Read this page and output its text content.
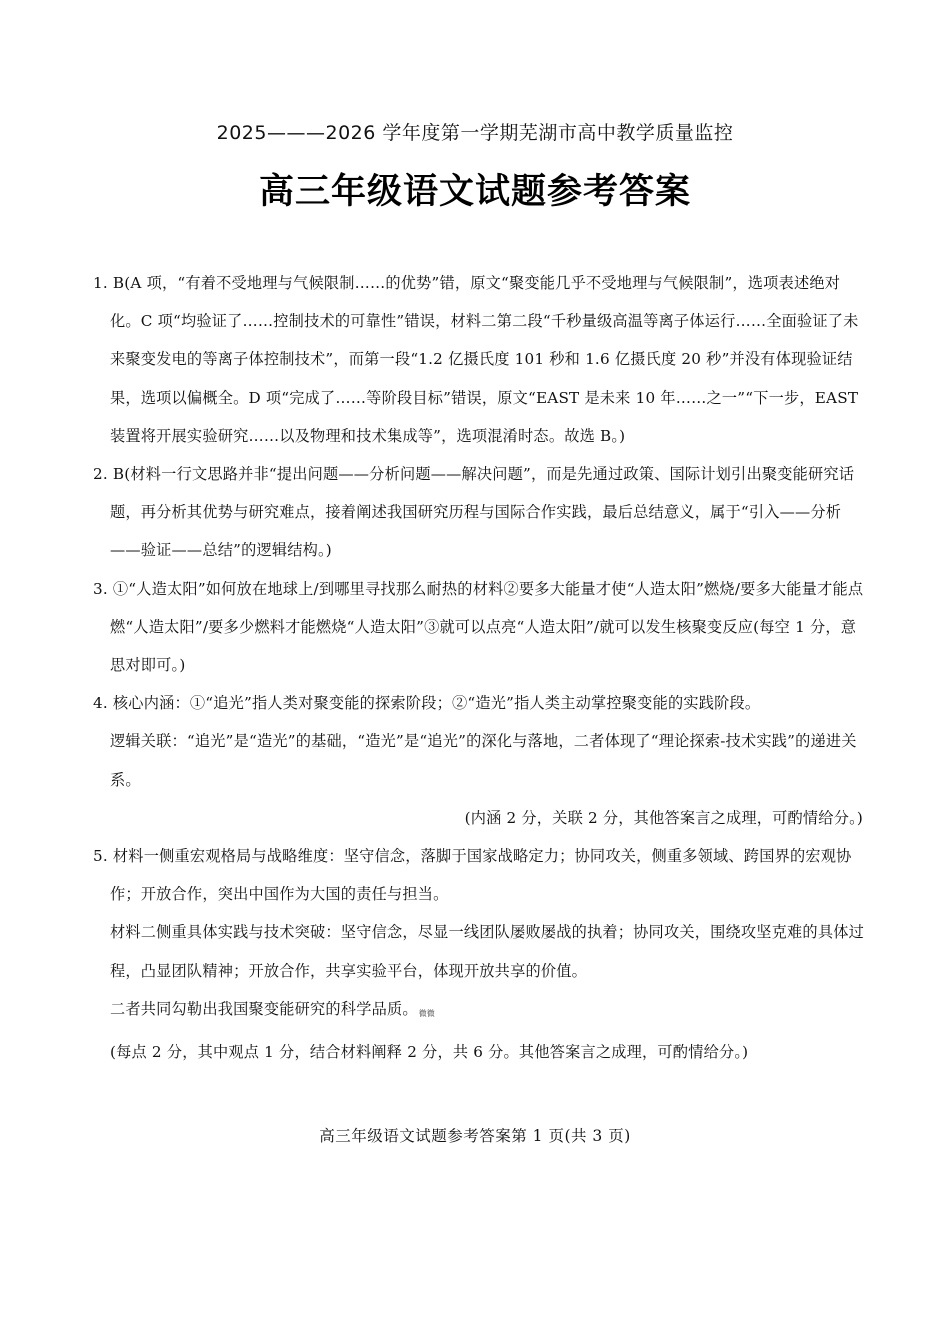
2025———2026 学年度第一学期芜湖市高中教学质量监控
高三年级语文试题参考答案

1. B(A 项，“有着不受地理与气候限制……的优势”错，原文“聚变能几乎不受地理与气候限制”，选项表述绝对化。C 项“均验证了……控制技术的可靠性”错误，材料二第二段“千秒量级高温等离子体运行……全面验证了未来聚变发电的等离子体控制技术”，而第一段“1.2 亿摄氏度 101 秒和 1.6 亿摄氏度 20 秒”并没有体现验证结果，选项以偏概全。D 项“完成了……等阶段目标”错误，原文“EAST 是未来 10 年……之一”“下一步，EAST 装置将开展实验研究……以及物理和技术集成等”，选项混淆时态。故选 B。)

2. B(材料一行文思路并非“提出问题——分析问题——解决问题”，而是先通过政策、国际计划引出聚变能研究话题，再分析其优势与研究难点，接着阐述我国研究历程与国际合作实践，最后总结意义，属于“引入——分析——验证——总结”的逻辑结构。)

3. ①“人造太阳”如何放在地球上/到哪里寻找那么耐热的材料②要多大能量才使“人造太阳”燃烧/要多大能量才能点燃“人造太阳”/要多少燃料才能燃烧“人造太阳”③就可以点亮“人造太阳”/就可以发生核聚变反应(每空 1 分，意思对即可。)

4. 核心内涵：①“追光”指人类对聚变能的探索阶段；②“造光”指人类主动掌控聚变能的实践阶段。

逻辑关联：“追光”是“造光”的基础，“造光”是“追光”的深化与落地，二者体现了“理论探索-技术实践”的递进关系。

(内涵 2 分，关联 2 分，其他答案言之成理，可酌情给分。)

5. 材料一侧重宏观格局与战略维度：坚守信念，落脚于国家战略定力；协同攻关，侧重多领域、跨国界的宏观协作；开放合作，突出中国作为大国的责任与担当。

材料二侧重具体实践与技术突破：坚守信念，尽显一线团队屡败屡战的执着；协同攻关，围绕攻坚克难的具体过程，凸显团队精神；开放合作，共享实验平台，体现开放共享的价值。

二者共同勾勒出我国聚变能研究的科学品质。微微

(每点 2 分，其中观点 1 分，结合材料阐释 2 分，共 6 分。其他答案言之成理，可酌情给分。)

高三年级语文试题参考答案第 1 页(共 3 页)
